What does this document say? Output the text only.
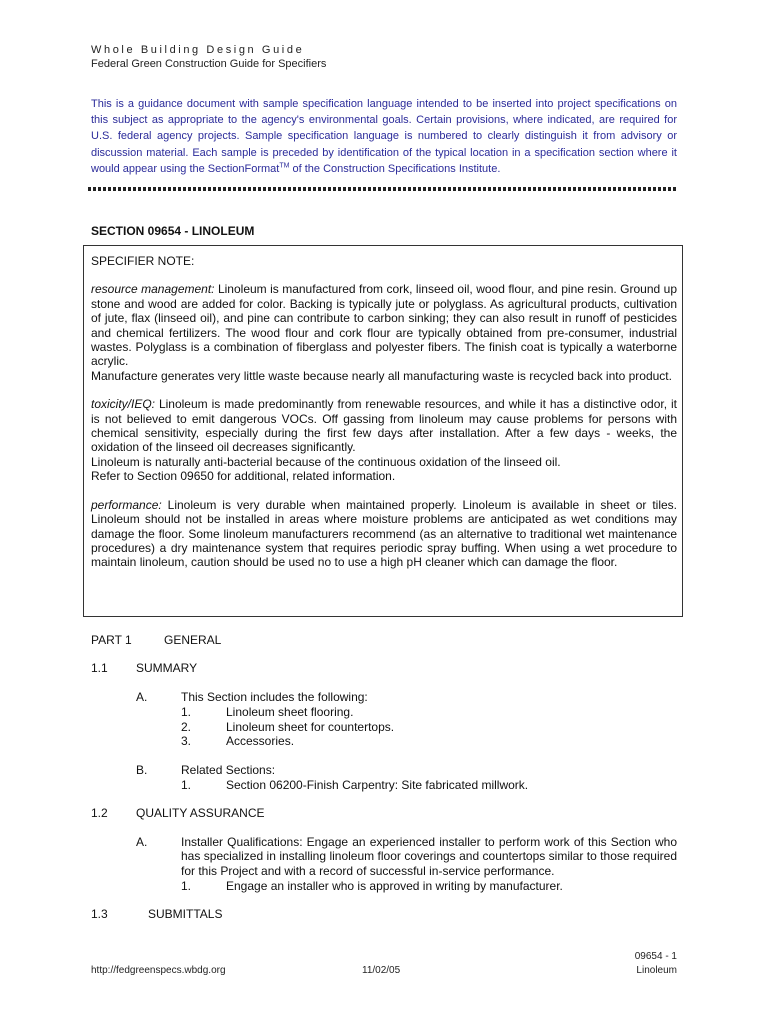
Whole Building Design Guide
Federal Green Construction Guide for Specifiers
This is a guidance document with sample specification language intended to be inserted into project specifications on this subject as appropriate to the agency's environmental goals. Certain provisions, where indicated, are required for U.S. federal agency projects. Sample specification language is numbered to clearly distinguish it from advisory or discussion material. Each sample is preceded by identification of the typical location in a specification section where it would appear using the SectionFormat™ of the Construction Specifications Institute.
SECTION 09654 - LINOLEUM

SPECIFIER NOTE:

resource management: Linoleum is manufactured from cork, linseed oil, wood flour, and pine resin. Ground up stone and wood are added for color. Backing is typically jute or polyglass. As agricultural products, cultivation of jute, flax (linseed oil), and pine can contribute to carbon sinking; they can also result in runoff of pesticides and chemical fertilizers. The wood flour and cork flour are typically obtained from pre-consumer, industrial wastes. Polyglass is a combination of fiberglass and polyester fibers. The finish coat is typically a waterborne acrylic.

Manufacture generates very little waste because nearly all manufacturing waste is recycled back into product.

toxicity/IEQ: Linoleum is made predominantly from renewable resources, and while it has a distinctive odor, it is not believed to emit dangerous VOCs. Off gassing from linoleum may cause problems for persons with chemical sensitivity, especially during the first few days after installation. After a few days - weeks, the oxidation of the linseed oil decreases significantly.

Linoleum is naturally anti-bacterial because of the continuous oxidation of the linseed oil.

Refer to Section 09650 for additional, related information.

performance: Linoleum is very durable when maintained properly. Linoleum is available in sheet or tiles. Linoleum should not be installed in areas where moisture problems are anticipated as wet conditions may damage the floor. Some linoleum manufacturers recommend (as an alternative to traditional wet maintenance procedures) a dry maintenance system that requires periodic spray buffing. When using a wet procedure to maintain linoleum, caution should be used no to use a high pH cleaner which can damage the floor.

PART 1	GENERAL
1.1 SUMMARY
A.	This Section includes the following:
1.	Linoleum sheet flooring.
2.	Linoleum sheet for countertops.
3.	Accessories.
B.	Related Sections:
1.	Section 06200-Finish Carpentry: Site fabricated millwork.
1.2 QUALITY ASSURANCE
A.	Installer Qualifications: Engage an experienced installer to perform work of this Section who has specialized in installing linoleum floor coverings and countertops similar to those required for this Project and with a record of successful in-service performance.
1.	Engage an installer who is approved in writing by manufacturer.
1.3	SUBMITTALS
http://fedgreenspecs.wbdg.org	11/02/05
09654 - 1
Linoleum
